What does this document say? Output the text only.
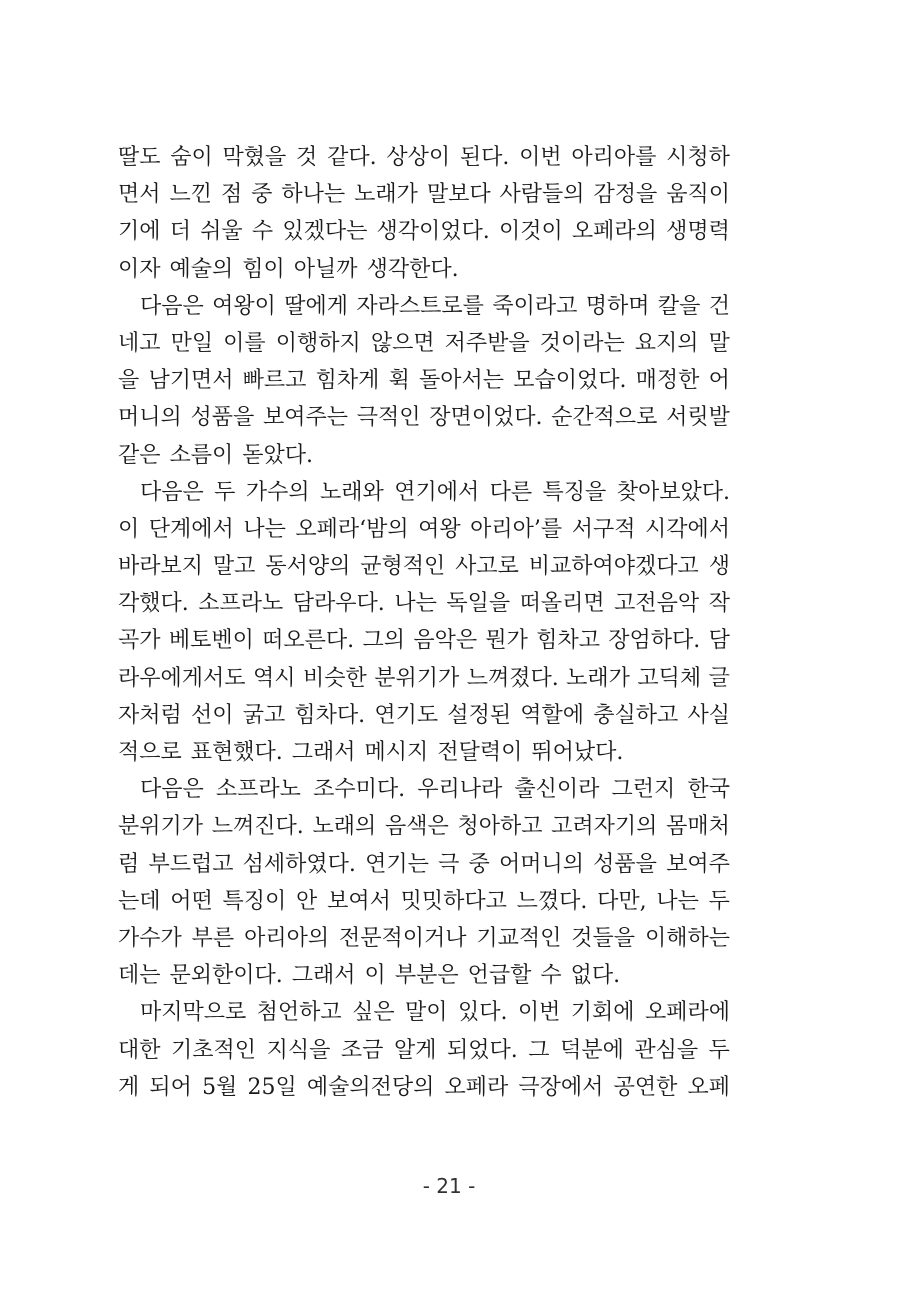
딸도 숨이 막혔을 것 같다. 상상이 된다. 이번 아리아를 시청하
면서 느낀 점 중 하나는 노래가 말보다 사람들의 감정을 움직이
기에 더 쉬울 수 있겠다는 생각이었다. 이것이 오페라의 생명력
이자 예술의 힘이 아닐까 생각한다.
다음은 여왕이 딸에게 자라스트로를 죽이라고 명하며 칼을 건
네고 만일 이를 이행하지 않으면 저주받을 것이라는 요지의 말
을 남기면서 빠르고 힘차게 휙 돌아서는 모습이었다. 매정한 어
머니의 성품을 보여주는 극적인 장면이었다. 순간적으로 서릿발
같은 소름이 돋았다.
다음은 두 가수의 노래와 연기에서 다른 특징을 찾아보았다.
이 단계에서 나는 오페라‘밤의 여왕 아리아’를 서구적 시각에서
바라보지 말고 동서양의 균형적인 사고로 비교하여야겠다고 생
각했다. 소프라노 담라우다. 나는 독일을 떠올리면 고전음악 작
곡가 베토벤이 떠오른다. 그의 음악은 뭔가 힘차고 장엄하다. 담
라우에게서도 역시 비슷한 분위기가 느껴졌다. 노래가 고딕체 글
자처럼 선이 굵고 힘차다. 연기도 설정된 역할에 충실하고 사실
적으로 표현했다. 그래서 메시지 전달력이 뛰어났다.
다음은 소프라노 조수미다. 우리나라 출신이라 그런지 한국
분위기가 느껴진다. 노래의 음색은 청아하고 고려자기의 몸매처
럼 부드럽고 섬세하였다. 연기는 극 중 어머니의 성품을 보여주
는데 어떤 특징이 안 보여서 밋밋하다고 느꼈다. 다만, 나는 두
가수가 부른 아리아의 전문적이거나 기교적인 것들을 이해하는
데는 문외한이다. 그래서 이 부분은 언급할 수 없다.
마지막으로 첨언하고 싶은 말이 있다. 이번 기회에 오페라에
대한 기초적인 지식을 조금 알게 되었다. 그 덕분에 관심을 두
게 되어 5월 25일 예술의전당의 오페라 극장에서 공연한 오페
- 21 -
